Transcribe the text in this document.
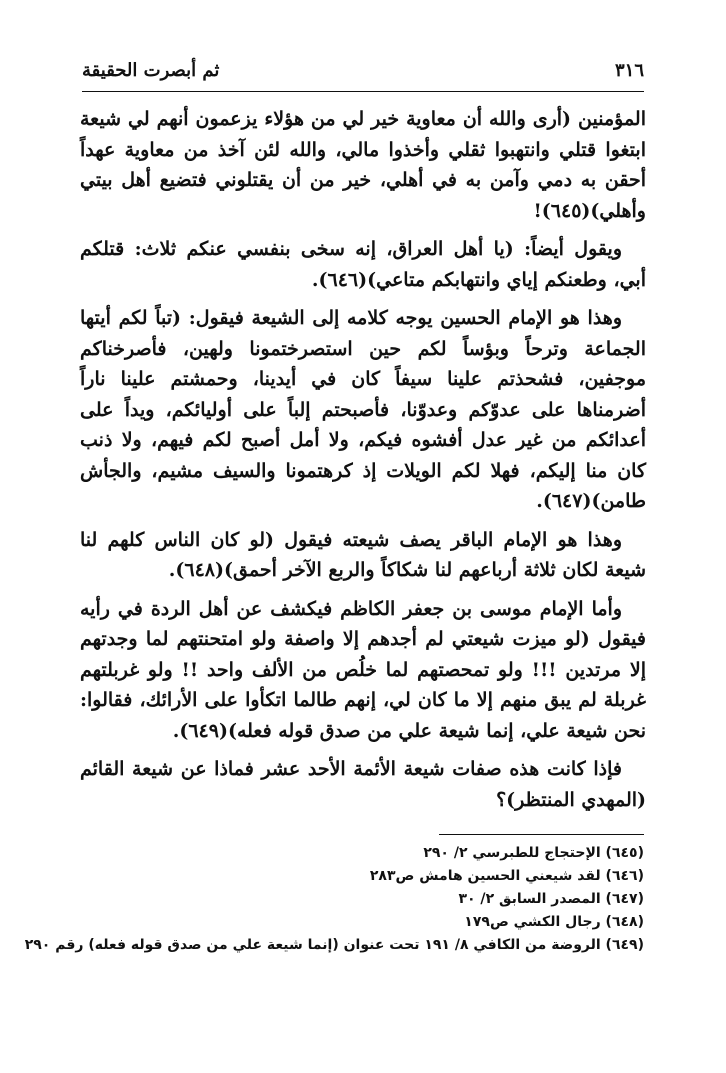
٣١٦
ثم أبصرت الحقيقة

المؤمنين (أرى والله أن معاوية خير لي من هؤلاء يزعمون أنهم لي شيعة ابتغوا قتلي وانتهبوا ثقلي وأخذوا مالي، والله لئن آخذ من معاوية عهداً أحقن به دمي وآمن به في أهلي، خير من أن يقتلوني فتضيع أهل بيتي وأهلي)(٦٤٥)!

ويقول أيضاً: (يا أهل العراق، إنه سخى بنفسي عنكم ثلاث: قتلكم أبي، وطعنكم إياي وانتهابكم متاعي)(٦٤٦).

وهذا هو الإمام الحسين يوجه كلامه إلى الشيعة فيقول: (تباً لكم أيتها الجماعة وترحاً وبؤساً لكم حين استصرختمونا ولهين، فأصرخناكم موجفين، فشحذتم علينا سيفاً كان في أيدينا، وحمشتم علينا ناراً أضرمناها على عدوّكم وعدوّنا، فأصبحتم إلباً على أوليائكم، ويداً على أعدائكم من غير عدل أفشوه فيكم، ولا أمل أصبح لكم فيهم، ولا ذنب كان منا إليكم، فهلا لكم الويلات إذ كرهتمونا والسيف مشيم، والجأش طامن)(٦٤٧).

وهذا هو الإمام الباقر يصف شيعته فيقول (لو كان الناس كلهم لنا شيعة لكان ثلاثة أرباعهم لنا شكاكاً والربع الآخر أحمق)(٦٤٨).

وأما الإمام موسى بن جعفر الكاظم فيكشف عن أهل الردة في رأيه فيقول (لو ميزت شيعتي لم أجدهم إلا واصفة ولو امتحنتهم لما وجدتهم إلا مرتدين !!! ولو تمحصتهم لما خلُص من الألف واحد !! ولو غربلتهم غربلة لم يبق منهم إلا ما كان لي، إنهم طالما اتكأوا على الأرائك، فقالوا: نحن شيعة علي، إنما شيعة علي من صدق قوله فعله)(٦٤٩).

فإذا كانت هذه صفات شيعة الأئمة الأحد عشر فماذا عن شيعة القائم (المهدي المنتظر)؟

(٦٤٥) الإحتجاج للطبرسي ٢/ ٢٩٠
(٦٤٦) لقد شيعني الحسين هامش ص٢٨٣
(٦٤٧) المصدر السابق ٢/ ٣٠
(٦٤٨) رجال الكشي ص١٧٩
(٦٤٩) الروضة من الكافي ٨/ ١٩١ تحت عنوان (إنما شيعة علي من صدق قوله فعله) رقم ٢٩٠
